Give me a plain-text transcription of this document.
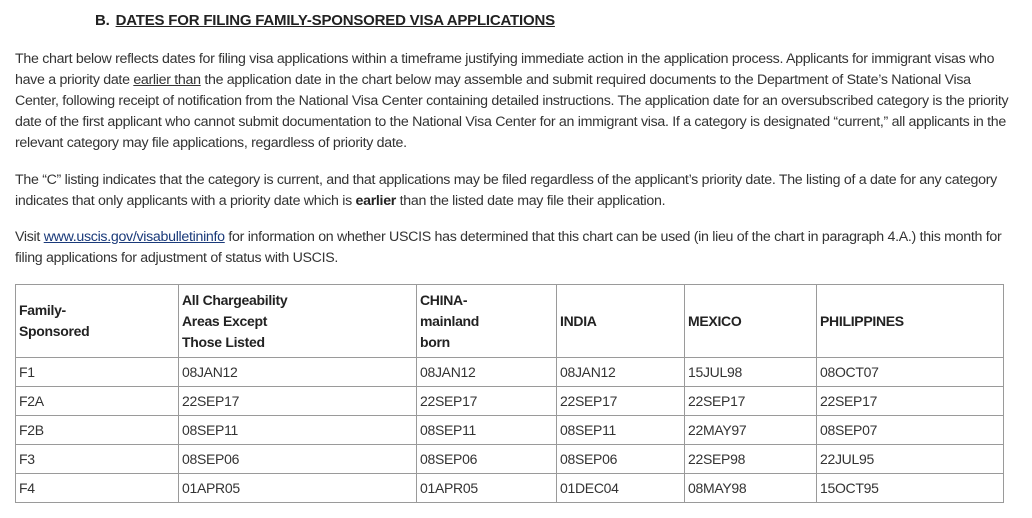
B. DATES FOR FILING FAMILY-SPONSORED VISA APPLICATIONS
The chart below reflects dates for filing visa applications within a timeframe justifying immediate action in the application process. Applicants for immigrant visas who have a priority date earlier than the application date in the chart below may assemble and submit required documents to the Department of State’s National Visa Center, following receipt of notification from the National Visa Center containing detailed instructions. The application date for an oversubscribed category is the priority date of the first applicant who cannot submit documentation to the National Visa Center for an immigrant visa. If a category is designated “current,” all applicants in the relevant category may file applications, regardless of priority date.
The “C” listing indicates that the category is current, and that applications may be filed regardless of the applicant’s priority date. The listing of a date for any category indicates that only applicants with a priority date which is earlier than the listed date may file their application.
Visit www.uscis.gov/visabulletininfo for information on whether USCIS has determined that this chart can be used (in lieu of the chart in paragraph 4.A.) this month for filing applications for adjustment of status with USCIS.
Family-
Sponsored	All Chargeability
Areas Except
Those Listed	CHINA-
mainland
born	INDIA	MEXICO	PHILIPPINES
F1	08JAN12	08JAN12	08JAN12	15JUL98	08OCT07
F2A	22SEP17	22SEP17	22SEP17	22SEP17	22SEP17
F2B	08SEP11	08SEP11	08SEP11	22MAY97	08SEP07
F3	08SEP06	08SEP06	08SEP06	22SEP98	22JUL95
F4	01APR05	01APR05	01DEC04	08MAY98	15OCT95
